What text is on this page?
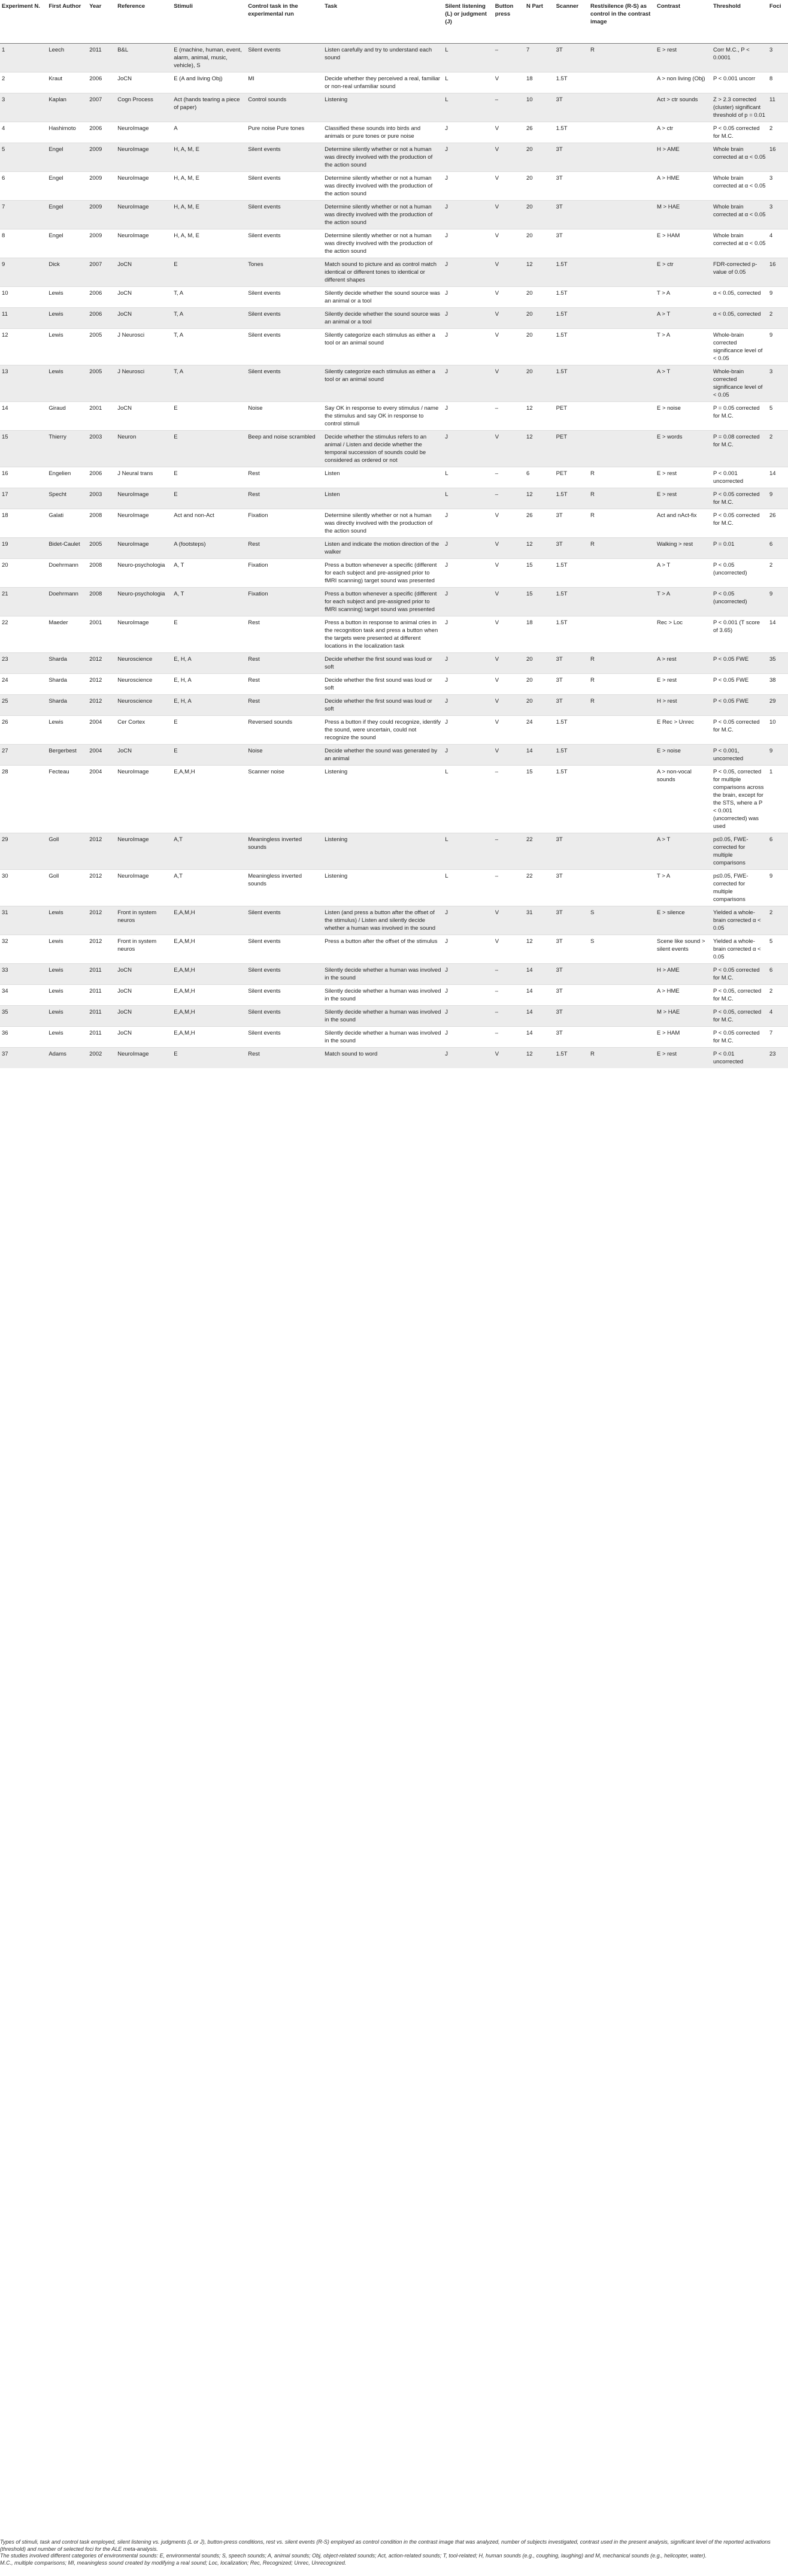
Experiment N.	First Author	Year	Reference	Stimuli	Control task in the experimental run	Task	Silent listening (L) or judgment (J)	Button press	N Part	Scanner	Rest/silence (R-S) as control in the contrast image	Contrast	Threshold	Foci
1	Leech	2011	B&L	E (machine, human, event, alarm, animal, music, vehicle), S	Silent events	Listen carefully and try to understand each sound	L	–	7	3T	R	E > rest	Corr M.C., P < 0.0001	3
2	Kraut	2006	JoCN	E (A and living Obj)	MI	Decide whether they perceived a real, familiar or non-real unfamiliar sound	L	V	18	1.5T		A > non living (Obj)	P < 0.001 uncorr	8
3	Kaplan	2007	Cogn Process	Act (hands tearing a piece of paper)	Control sounds	Listening	L	–	10	3T		Act > ctr sounds	Z > 2.3 corrected (cluster) significant threshold of p = 0.01	11
4	Hashimoto	2006	NeuroImage	A	Pure noise Pure tones	Classified these sounds into birds and animals or pure tones or pure noise	J	V	26	1.5T		A > ctr	P < 0.05 corrected for M.C.	2
5	Engel	2009	NeuroImage	H, A, M, E	Silent events	Determine silently whether or not a human was directly involved with the production of the action sound	J	V	20	3T		H > AME	Whole brain corrected at α < 0.05	16
6	Engel	2009	NeuroImage	H, A, M, E	Silent events	Determine silently whether or not a human was directly involved with the production of the action sound	J	V	20	3T		A > HME	Whole brain corrected at α < 0.05	3
7	Engel	2009	NeuroImage	H, A, M, E	Silent events	Determine silently whether or not a human was directly involved with the production of the action sound	J	V	20	3T		M > HAE	Whole brain corrected at α < 0.05	3
8	Engel	2009	NeuroImage	H, A, M, E	Silent events	Determine silently whether or not a human was directly involved with the production of the action sound	J	V	20	3T		E > HAM	Whole brain corrected at α < 0.05	4
9	Dick	2007	JoCN	E	Tones	Match sound to picture and as control match identical or different tones to identical or different shapes	J	V	12	1.5T		E > ctr	FDR-corrected p-value of 0.05	16
10	Lewis	2006	JoCN	T, A	Silent events	Silently decide whether the sound source was an animal or a tool	J	V	20	1.5T		T > A	α < 0.05, corrected	9
11	Lewis	2006	JoCN	T, A	Silent events	Silently decide whether the sound source was an animal or a tool	J	V	20	1.5T		A > T	α < 0.05, corrected	2
12	Lewis	2005	J Neurosci	T, A	Silent events	Silently categorize each stimulus as either a tool or an animal sound	J	V	20	1.5T		T > A	Whole-brain corrected significance level of < 0.05	9
13	Lewis	2005	J Neurosci	T, A	Silent events	Silently categorize each stimulus as either a tool or an animal sound	J	V	20	1.5T		A > T	Whole-brain corrected significance level of < 0.05	3
14	Giraud	2001	JoCN	E	Noise	Say OK in response to every stimulus / name the stimulus and say OK in response to control stimuli	J	–	12	PET		E > noise	P = 0.05 corrected for M.C.	5
15	Thierry	2003	Neuron	E	Beep and noise scrambled	Decide whether the stimulus refers to an animal / Listen and decide whether the temporal succession of sounds could be considered as ordered or not	J	V	12	PET		E > words	P = 0.08 corrected for M.C.	2
16	Engelien	2006	J Neural trans	E	Rest	Listen	L	–	6	PET	R	E > rest	P < 0.001 uncorrected	14
17	Specht	2003	NeuroImage	E	Rest	Listen	L	–	12	1.5T	R	E > rest	P < 0.05 corrected for M.C.	9
18	Galati	2008	NeuroImage	Act and non-Act	Fixation	Determine silently whether or not a human was directly involved with the production of the action sound	J	V	26	3T	R	Act and nAct-fix	P < 0.05 corrected for M.C.	26
19	Bidet-Caulet	2005	NeuroImage	A (footsteps)	Rest	Listen and indicate the motion direction of the walker	J	V	12	3T	R	Walking > rest	P = 0.01	6
20	Doehrmann	2008	Neuro-psychologia	A, T	Fixation	Press a button whenever a specific (different for each subject and pre-assigned prior to fMRI scanning) target sound was presented	J	V	15	1.5T		A > T	P < 0.05 (uncorrected)	2
21	Doehrmann	2008	Neuro-psychologia	A, T	Fixation	Press a button whenever a specific (different for each subject and pre-assigned prior to fMRI scanning) target sound was presented	J	V	15	1.5T		T > A	P < 0.05 (uncorrected)	9
22	Maeder	2001	NeuroImage	E	Rest	Press a button in response to animal cries in the recognition task and press a button when the targets were presented at different locations in the localization task	J	V	18	1.5T		Rec > Loc	P < 0.001 (T score of 3.65)	14
23	Sharda	2012	Neuroscience	E, H, A	Rest	Decide whether the first sound was loud or soft	J	V	20	3T	R	A > rest	P < 0.05 FWE	35
24	Sharda	2012	Neuroscience	E, H, A	Rest	Decide whether the first sound was loud or soft	J	V	20	3T	R	E > rest	P < 0.05 FWE	38
25	Sharda	2012	Neuroscience	E, H, A	Rest	Decide whether the first sound was loud or soft	J	V	20	3T	R	H > rest	P < 0.05 FWE	29
26	Lewis	2004	Cer Cortex	E	Reversed sounds	Press a button if they could recognize, identify the sound, were uncertain, could not recognize the sound	J	V	24	1.5T		E Rec > Unrec	P < 0.05 corrected for M.C.	10
27	Bergerbest	2004	JoCN	E	Noise	Decide whether the sound was generated by an animal	J	V	14	1.5T		E > noise	P < 0.001, uncorrected	9
28	Fecteau	2004	NeuroImage	E,A,M,H	Scanner noise	Listening	L	–	15	1.5T		A > non-vocal sounds	P < 0.05, corrected for multiple comparisons across the brain, except for the STS, where a P < 0.001 (uncorrected) was used	1
29	Goll	2012	NeuroImage	A,T	Meaningless inverted sounds	Listening	L	–	22	3T		A > T	p≤0.05, FWE-corrected for multiple comparisons	6
30	Goll	2012	NeuroImage	A,T	Meaningless inverted sounds	Listening	L	–	22	3T		T > A	p≤0.05, FWE-corrected for multiple comparisons	9
31	Lewis	2012	Front in system neuros	E,A,M,H	Silent events	Listen (and press a button after the offset of the stimulus) / Listen and silently decide whether a human was involved in the sound	J	V	31	3T	S	E > silence	Yielded a whole-brain corrected α < 0.05	2
32	Lewis	2012	Front in system neuros	E,A,M,H	Silent events	Press a button after the offset of the stimulus	J	V	12	3T	S	Scene like sound > silent events	Yielded a whole-brain corrected α < 0.05	5
33	Lewis	2011	JoCN	E,A,M,H	Silent events	Silently decide whether a human was involved in the sound	J	–	14	3T		H > AME	P < 0.05 corrected for M.C.	6
34	Lewis	2011	JoCN	E,A,M,H	Silent events	Silently decide whether a human was involved in the sound	J	–	14	3T		A > HME	P < 0.05, corrected for M.C.	2
35	Lewis	2011	JoCN	E,A,M,H	Silent events	Silently decide whether a human was involved in the sound	J	–	14	3T		M > HAE	P < 0.05, corrected for M.C.	4
36	Lewis	2011	JoCN	E,A,M,H	Silent events	Silently decide whether a human was involved in the sound	J	–	14	3T		E > HAM	P < 0.05 corrected for M.C.	7
37	Adams	2002	NeuroImage	E	Rest	Match sound to word	J	V	12	1.5T	R	E > rest	P < 0.01 uncorrected	23

Types of stimuli, task and control task employed, silent listening vs. judgments (L or J), button-press conditions, rest vs. silent events (R-S) employed as control condition in the contrast image that was analyzed, number of subjects investigated, contrast used in the present analysis, significant level of the reported activations (threshold) and number of selected foci for the ALE meta-analysis.

The studies involved different categories of environmental sounds: E, environmental sounds; S, speech sounds; A, animal sounds; Obj, object-related sounds; Act, action-related sounds; T, tool-related; H, human sounds (e.g., coughing, laughing) and M, mechanical sounds (e.g., helicopter, water).

M.C., multiple comparisons; MI, meaningless sound created by modifying a real sound; Loc, localization; Rec, Recognized; Unrec, Unrecognized.
